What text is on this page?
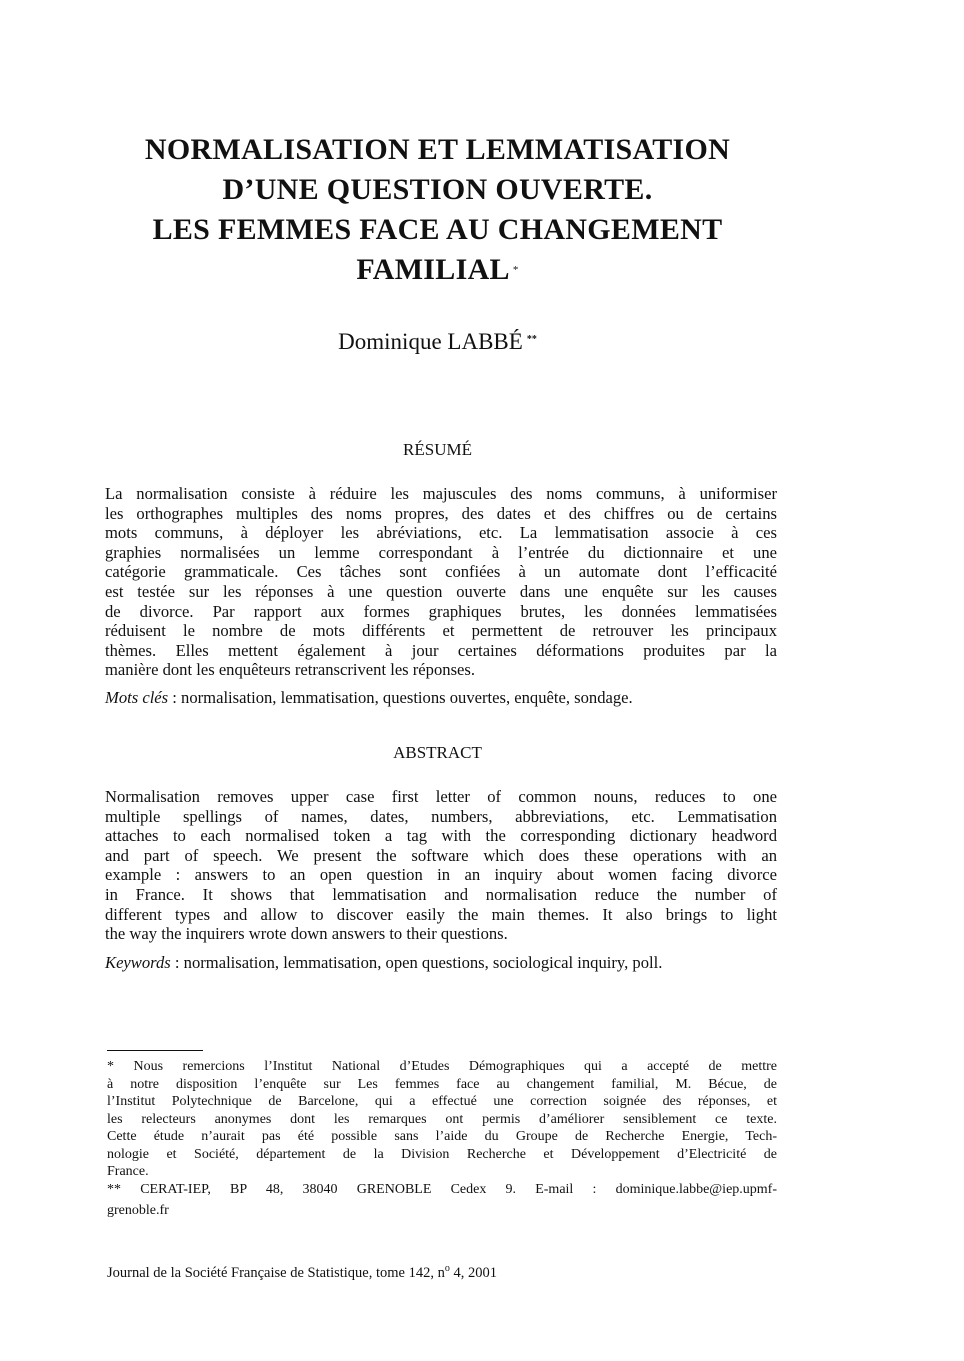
NORMALISATION ET LEMMATISATION
D’UNE QUESTION OUVERTE.
LES FEMMES FACE AU CHANGEMENT
FAMILIAL *
Dominique LABBÉ **
RÉSUMÉ
La normalisation consiste à réduire les majuscules des noms communs, à uniformiser
les orthographes multiples des noms propres, des dates et des chiffres ou de certains
mots communs, à déployer les abréviations, etc. La lemmatisation associe à ces
graphies normalisées un lemme correspondant à l’entrée du dictionnaire et une
catégorie grammaticale. Ces tâches sont confiées à un automate dont l’efficacité
est testée sur les réponses à une question ouverte dans une enquête sur les causes
de divorce. Par rapport aux formes graphiques brutes, les données lemmatisées
réduisent le nombre de mots différents et permettent de retrouver les principaux
thèmes. Elles mettent également à jour certaines déformations produites par la
manière dont les enquêteurs retranscrivent les réponses.
Mots clés : normalisation, lemmatisation, questions ouvertes, enquête, sondage.
ABSTRACT
Normalisation removes upper case first letter of common nouns, reduces to one
multiple spellings of names, dates, numbers, abbreviations, etc. Lemmatisation
attaches to each normalised token a tag with the corresponding dictionary headword
and part of speech. We present the software which does these operations with an
example : answers to an open question in an inquiry about women facing divorce
in France. It shows that lemmatisation and normalisation reduce the number of
different types and allow to discover easily the main themes. It also brings to light
the way the inquirers wrote down answers to their questions.
Keywords : normalisation, lemmatisation, open questions, sociological inquiry, poll.
* Nous remercions l’Institut National d’Etudes Démographiques qui a accepté de mettre
à notre disposition l’enquête sur Les femmes face au changement familial, M. Bécue, de
l’Institut Polytechnique de Barcelone, qui a effectué une correction soignée des réponses, et
les relecteurs anonymes dont les remarques ont permis d’améliorer sensiblement ce texte.
Cette étude n’aurait pas été possible sans l’aide du Groupe de Recherche Energie, Tech-
nologie et Société, département de la Division Recherche et Développement d’Electricité de
France.
** CERAT-IEP, BP 48, 38040 GRENOBLE Cedex 9. E-mail : dominique.labbe@iep.upmf-
grenoble.fr
Journal de la Société Française de Statistique, tome 142, $n^o$ 4, 2001
